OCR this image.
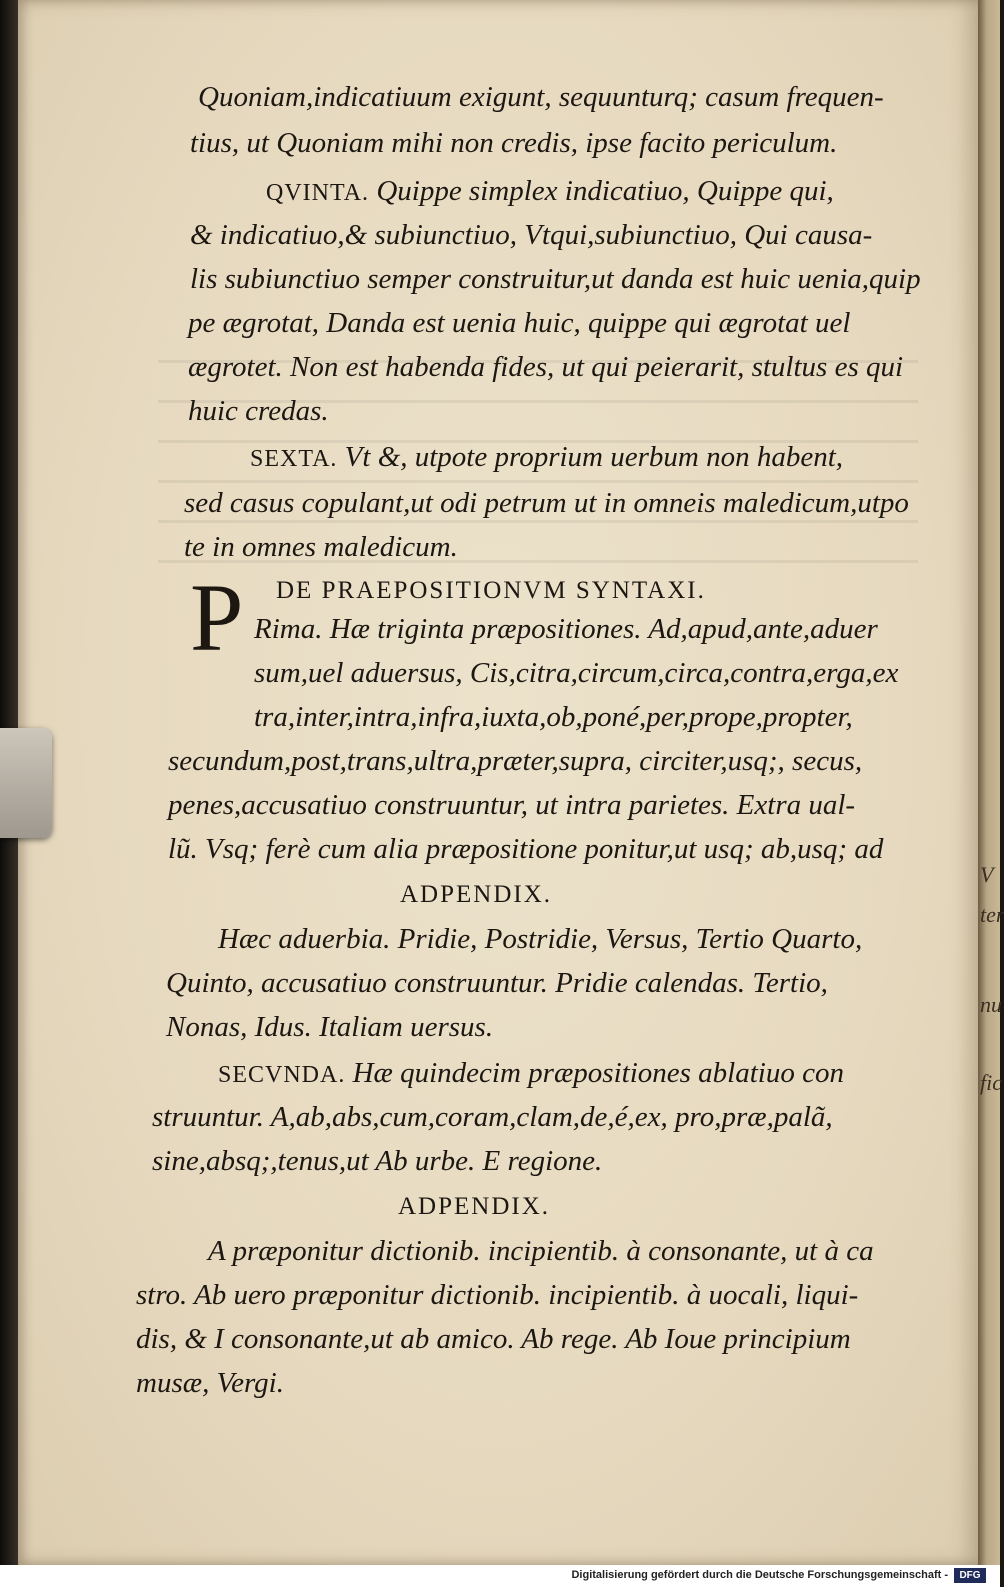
Quoniam,indicatiuum exigunt, sequunturq; casum frequen-
tius, ut Quoniam mihi non credis, ipse facito periculum.
QVINTA. Quippe simplex indicatiuo, Quippe qui,
& indicatiuo,& subiunctiuo, Vtqui,subiunctiuo, Qui causa-
lis subiunctiuo semper construitur,ut danda est huic uenia,quip
pe ægrotat, Danda est uenia huic, quippe qui ægrotat uel
ægrotet. Non est habenda fides, ut qui peierarit, stultus es qui
huic credas.
SEXTA. Vt &, utpote proprium uerbum non habent,
sed casus copulant,ut odi petrum ut in omneis maledicum,utpo
te in omnes maledicum.
DE PRAEPOSITIONVM SYNTAXI.
P Rima. Hæ triginta præpositiones. Ad,apud,ante,aduer
sum,uel aduersus, Cis,citra,circum,circa,contra,erga,ex
tra,inter,intra,infra,iuxta,ob,poné,per,prope,propter,
secundum,post,trans,ultra,præter,supra, circiter,usq;, secus,
penes,accusatiuo construuntur, ut intra parietes. Extra ual-
lũ. Vsq; ferè cum alia præpositione ponitur,ut usq; ab,usq; ad
ADPENDIX.
Hæc aduerbia. Pridie, Postridie, Versus, Tertio Quarto,
Quinto, accusatiuo construuntur. Pridie calendas. Tertio,
Nonas, Idus. Italiam uersus.
SECVNDA. Hæ quindecim præpositiones ablatiuo con
struuntur. A,ab,abs,cum,coram,clam,de,é,ex, pro,præ,palã,
sine,absq;,tenus,ut Ab urbe. E regione.
ADPENDIX.
A præponitur dictionib. incipientib. à consonante, ut à ca
stro. Ab uero præponitur dictionib. incipientib. à uocali, liqui-
dis, & I consonante,ut ab amico. Ab rege. Ab Ioue principium
musæ, Vergi.
V
ter
nu
fic
Digitalisierung gefördert durch die Deutsche Forschungsgemeinschaft -	DFG
